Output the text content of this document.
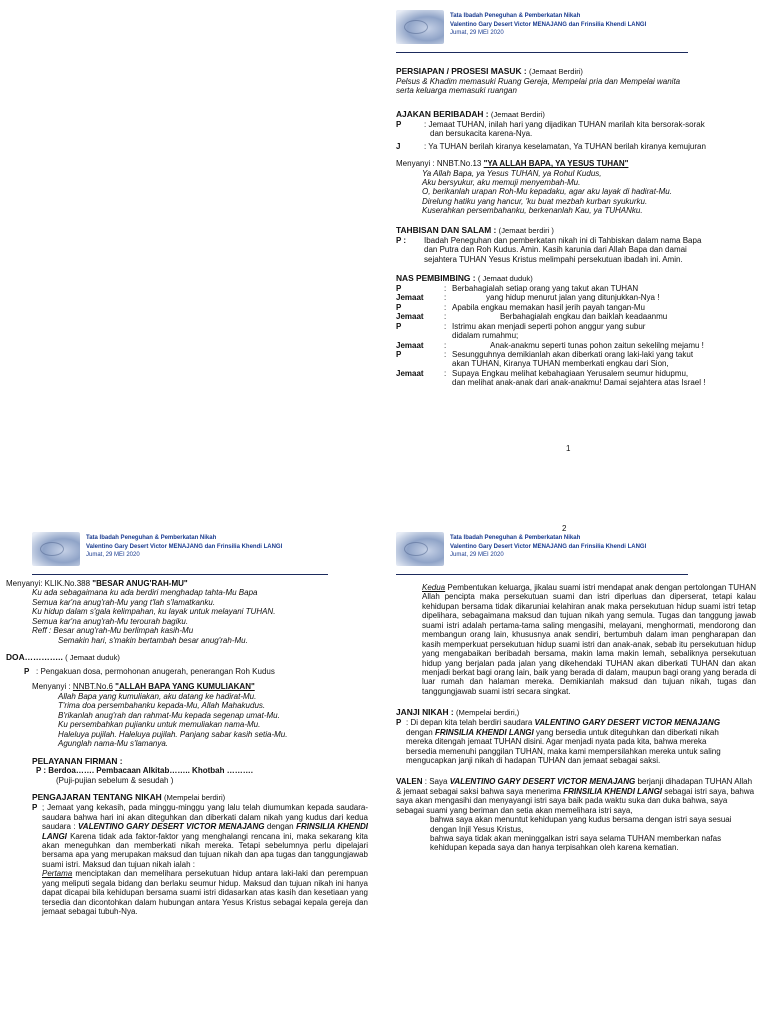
Tata Ibadah Peneguhan & Pemberkatan Nikah
Valentino Gary Desert Victor MENAJANG dan Frinsilia Khendi LANGI
Jumat, 29 MEI 2020
PERSIAPAN / PROSESI MASUK : (Jemaat Berdiri)

Pelsus & Khadim memasuki Ruang Gereja, Mempelai pria dan Mempelai wanita

serta keluarga memasuki ruangan

AJAKAN BERIBADAH : (Jemaat Berdiri)
P	: Jemaat TUHAN, inilah hari yang dijadikan TUHAN marilah kita bersorak-sorak

dan bersukacita karena-Nya.

J	: Ya TUHAN berilah kiranya keselamatan, Ya TUHAN berilah kiranya kemujuran

Menyanyi : NNBT.No.13 "YA ALLAH BAPA, YA YESUS TUHAN"

Ya Allah Bapa, ya Yesus TUHAN, ya Rohul Kudus,

Aku bersyukur, aku memuji menyembah-Mu.

O, berikanlah urapan Roh-Mu kepadaku, agar aku layak di hadirat-Mu.

Direlung hatiku yang hancur, 'ku buat mezbah kurban syukurku.

Kuserahkan persembahanku, berkenanlah Kau, ya TUHANku.

TAHBISAN DAN SALAM : (Jemaat berdiri )
P :	Ibadah Peneguhan dan pemberkatan nikah ini di Tahbiskan dalam nama Bapa

dan Putra dan Roh Kudus. Amin. Kasih karunia dari Allah Bapa dan damai

sejahtera TUHAN Yesus Kristus melimpahi persekutuan ibadah ini. Amin.

NAS PEMBIMBING : ( Jemaat duduk)
P	: Berbahagialah setiap orang yang takut akan TUHAN
Jemaat	:	yang hidup menurut jalan yang ditunjukkan-Nya !
P	: Apabila engkau memakan hasil jerih payah tangan-Mu
Jemaat	:	Berbahagialah engkau dan baiklah keadaanmu
P	: Istrimu akan menjadi seperti pohon anggur yang subur
didalam rumahmu;
Jemaat	:	Anak-anakmu seperti tunas pohon zaitun sekelilng mejamu !
P	: Sesungguhnya demikianlah akan diberkati orang laki-laki yang takut
akan TUHAN, Kiranya TUHAN memberkati engkau dari Sion,
Jemaat	: Supaya Engkau melihat kebahagiaan Yerusalem seumur hidupmu,
dan melihat anak-anak dari anak-anakmu! Damai sejahtera atas Israel !
1
Tata Ibadah Peneguhan & Pemberkatan Nikah
Valentino Gary Desert Victor MENAJANG dan Frinsilia Khendi LANGI
Jumat, 29 MEI 2020

Menyanyi: KLIK.No.388 "BESAR ANUG'RAH-MU"

Ku ada sebagaimana ku ada berdiri menghadap tahta-Mu Bapa

Semua kar'na anug'rah-Mu yang t'lah s'lamatkanku.

Ku hidup dalam s'gala kelimpahan, ku layak untuk melayani TUHAN.

Semua kar'na anug'rah-Mu terourah bagiku.

Reff : Besar anug'rah-Mu berlimpah kasih-Mu

Semakin hari, s'makin bertambah besar anug'rah-Mu.

DOA………….. ( Jemaat duduk)
P : Pengakuan dosa, permohonan anugerah, penerangan Roh Kudus

Menyanyi : NNBT.No.6 "ALLAH BAPA YANG KUMULIAKAN"

Allah Bapa yang kumuliakan, aku datang ke hadirat-Mu.

T'rima doa persembahanku kepada-Mu, Allah Mahakudus.

B'rikanlah anug'rah dan rahmat-Mu kepada segenap umat-Mu.

Ku persembahkan pujianku untuk memuliakan nama-Mu.

Haleluya pujilah. Haleluya pujilah. Panjang sabar kasih setia-Mu.

Agunglah nama-Mu s'lamanya.

PELAYANAN FIRMAN :

P : Berdoa……. Pembacaan Alkitab…….. Khotbah ……….

(Puji-pujian sebelum & sesudah )

PENGAJARAN TENTANG NIKAH (Mempelai berdiri)
P ; Jemaat yang kekasih, pada minggu-minggu yang lalu telah diumumkan kepada saudara-saudara bahwa hari ini akan diteguhkan dan diberkati dalam nikah yang kudus dari kedua saudara : VALENTINO GARY DESERT VICTOR MENAJANG dengan FRINSILIA KHENDI LANGI Karena tidak ada faktor-faktor yang menghalangi rencana ini, maka sekarang kita akan meneguhkan dan memberkati nikah mereka. Tetapi sebelumnya perlu dipelajari bersama apa yang merupakan maksud dan tujuan nikah dan apa tugas dan tanggungjawab suami istri. Maksud dan tujuan nikah ialah :
Pertama menciptakan dan memelihara persekutuan hidup antara laki-laki dan perempuan yang meliputi segala bidang dan berlaku seumur hidup. Maksud dan tujuan nikah ini hanya dapat dicapai bila kehidupan bersama suami istri didasarkan atas kasih dan kesetiaan yang tersedia dan dicontohkan dalam hubungan antara Yesus Kristus sebagai kepala gereja dan jemaat sebagai tubuh-Nya.
2
Tata Ibadah Peneguhan & Pemberkatan Nikah
Valentino Gary Desert Victor MENAJANG dan Frinsilia Khendi LANGI
Jumat, 29 MEI 2020
Kedua Pembentukan keluarga, jikalau suami istri mendapat anak dengan pertolongan TUHAN Allah pencipta maka persekutuan suami dan istri diperluas dan diperserat, tetapi kalau kehidupan bersama tidak dikaruniai kelahiran anak maka persekutuan hidup suami istri tetap dipelihara, sebagaimana maksud dan tujuan nikah yang semula. Tugas dan tanggung jawab suami istri adalah pertama-tama saling mengasihi, melayani, menghormati, mendorong dan membangun orang lain, khususnya anak sendiri, bertumbuh dalam iman pengharapan dan kasih memperkuat persekutuan hidup suami istri dan anak-anak, sebab itu persekutuan hidup yang mengabaikan beribadah bersama, makin lama makin lemah, sebaliknya persekutuan hidup yang berjalan pada jalan yang dikehendaki TUHAN akan diberkati TUHAN dan akan menjadi berkat bagi orang lain, baik yang berada di dalam, maupun bagi orang yang berada di luar rumah dan halaman mereka. Demikianlah maksud dan tujuan nikah, tugas dan tanggungjawab suami istri secara singkat.
JANJI NIKAH : (Mempelai berdiri,)
P : Di depan kita telah berdiri saudara VALENTINO GARY DESERT VICTOR MENAJANG dengan FRINSILIA KHENDI LANGI yang bersedia untuk diteguhkan dan diberkati nikah mereka ditengah jemaat TUHAN disini. Agar menjadi nyata pada kita, bahwa mereka bersedia memenuhi panggilan TUHAN, maka kami mempersilahkan mereka untuk saling mengucapkan janji nikah di hadapan TUHAN dan jemaat sebagai saksi.
VALEN : Saya VALENTINO GARY DESERT VICTOR MENAJANG berjanji dihadapan TUHAN Allah & jemaat sebagai saksi bahwa saya menerima FRINSILIA KHENDI LANGI sebagai istri saya, bahwa saya akan mengasihi dan menyayangi istri saya baik pada waktu suka dan duka bahwa, saya sebagai suami yang beriman dan setia akan memelihara istri saya,

bahwa saya akan menuntut kehidupan yang kudus bersama dengan istri saya sesuai dengan Injil Yesus Kristus,

bahwa saya tidak akan meninggalkan istri saya selama TUHAN memberkan nafas kehidupan kepada saya dan hanya terpisahkan oleh karena kematian.
